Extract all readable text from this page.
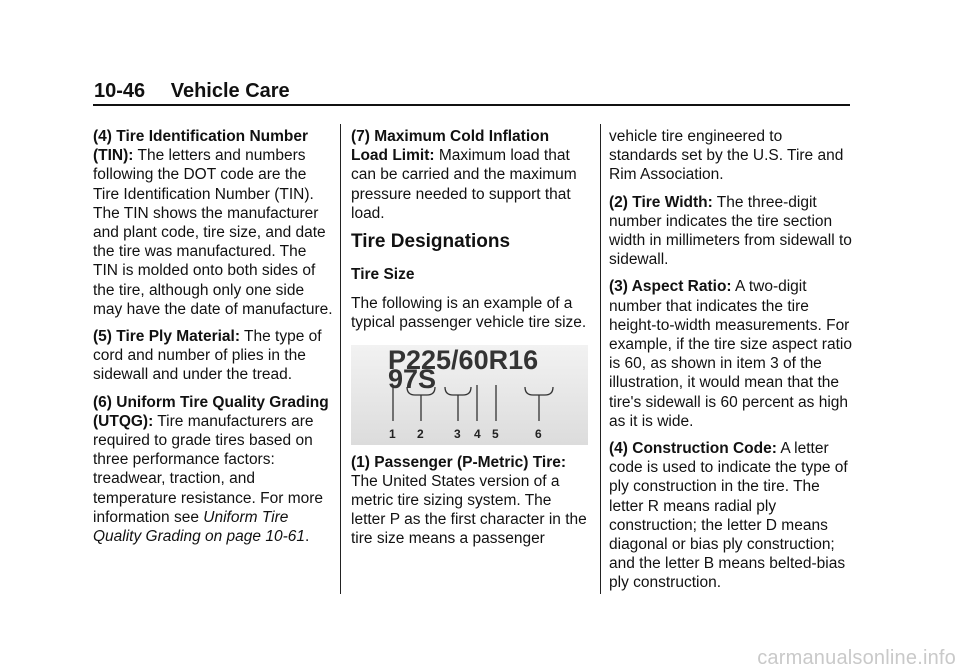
10-46 Vehicle Care

(4) Tire Identification Number (TIN): The letters and numbers following the DOT code are the Tire Identification Number (TIN). The TIN shows the manufacturer and plant code, tire size, and date the tire was manufactured. The TIN is molded onto both sides of the tire, although only one side may have the date of manufacture.

(5) Tire Ply Material: The type of cord and number of plies in the sidewall and under the tread.

(6) Uniform Tire Quality Grading (UTQG): Tire manufacturers are required to grade tires based on three performance factors: treadwear, traction, and temperature resistance. For more information see Uniform Tire Quality Grading on page 10-61.

(7) Maximum Cold Inflation Load Limit: Maximum load that can be carried and the maximum pressure needed to support that load.

Tire Designations
Tire Size

The following is an example of a typical passenger vehicle tire size.

P225/60R16 97S
1 2	3 4 5	6

(1) Passenger (P-Metric) Tire: The United States version of a metric tire sizing system. The letter P as the first character in the tire size means a passenger

vehicle tire engineered to standards set by the U.S. Tire and Rim Association.

(2) Tire Width: The three-digit number indicates the tire section width in millimeters from sidewall to sidewall.

(3) Aspect Ratio: A two-digit number that indicates the tire height-to-width measurements. For example, if the tire size aspect ratio is 60, as shown in item 3 of the illustration, it would mean that the tire's sidewall is 60 percent as high as it is wide.

(4) Construction Code: A letter code is used to indicate the type of ply construction in the tire. The letter R means radial ply construction; the letter D means diagonal or bias ply construction; and the letter B means belted-bias ply construction.

carmanualsonline.info
